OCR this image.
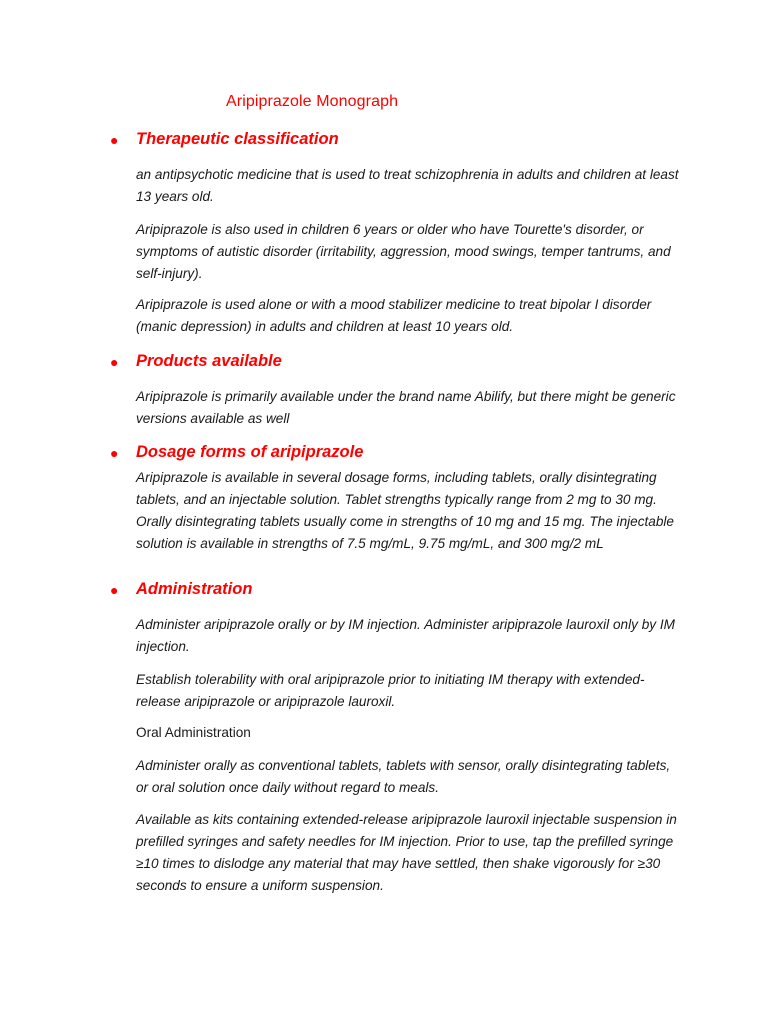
Aripiprazole Monograph
●	Therapeutic classification

an antipsychotic medicine that is used to treat schizophrenia in adults and children at least 13 years old.

Aripiprazole is also used in children 6 years or older who have Tourette's disorder, or symptoms of autistic disorder (irritability, aggression, mood swings, temper tantrums, and self-injury).

Aripiprazole is used alone or with a mood stabilizer medicine to treat bipolar I disorder (manic depression) in adults and children at least 10 years old.

●	Products available

Aripiprazole is primarily available under the brand name Abilify, but there might be generic versions available as well

●	Dosage forms of aripiprazole

Aripiprazole is available in several dosage forms, including tablets, orally disintegrating tablets, and an injectable solution. Tablet strengths typically range from 2 mg to 30 mg. Orally disintegrating tablets usually come in strengths of 10 mg and 15 mg. The injectable solution is available in strengths of 7.5 mg/mL, 9.75 mg/mL, and 300 mg/2 mL

●	Administration

Administer aripiprazole orally or by IM injection. Administer aripiprazole lauroxil only by IM injection.

Establish tolerability with oral aripiprazole prior to initiating IM therapy with extended-release aripiprazole or aripiprazole lauroxil.

Oral Administration

Administer orally as conventional tablets, tablets with sensor, orally disintegrating tablets, or oral solution once daily without regard to meals.

Available as kits containing extended-release aripiprazole lauroxil injectable suspension in prefilled syringes and safety needles for IM injection. Prior to use, tap the prefilled syringe ≥10 times to dislodge any material that may have settled, then shake vigorously for ≥30 seconds to ensure a uniform suspension.
